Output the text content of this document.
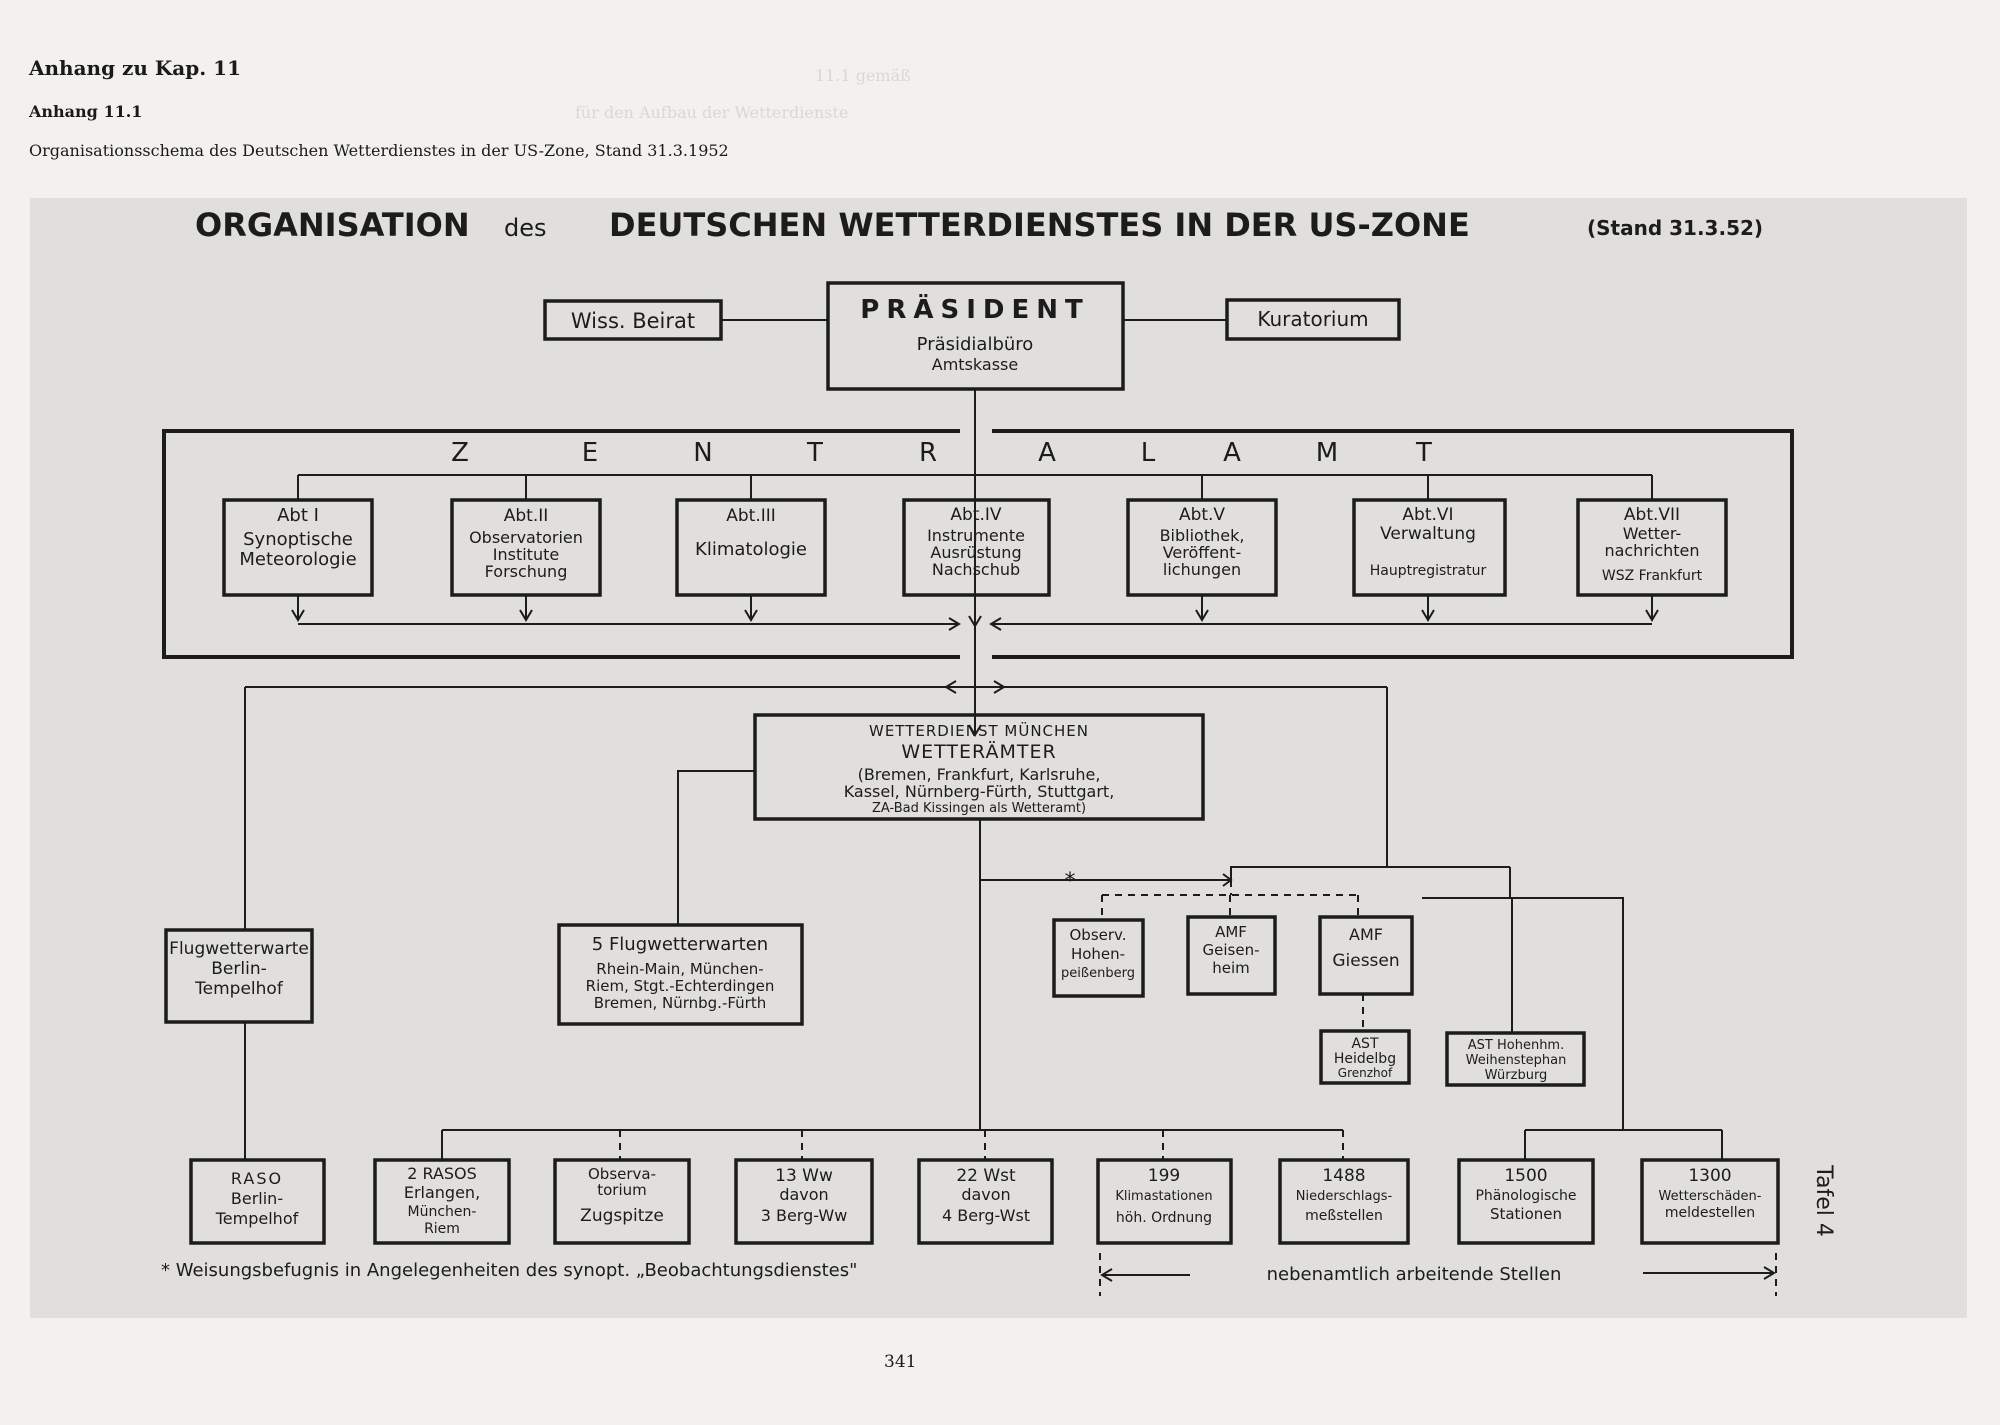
Anhang zu Kap. 11
Anhang 11.1
Organisationsschema des Deutschen Wetterdienstes in der US-Zone, Stand 31.3.1952
11.1 gemäß
für den Aufbau der Wetterdienste
ORGANISATION des DEUTSCHEN WETTERDIENSTES IN DER US-ZONE	(Stand 31.3.52)
Wiss. Beirat	PRÄSIDENT
Präsidialbüro
Amtskasse
Kuratorium
Z	E	N	T	R	A	L	A	M	T
Abt I
Synoptische
Meteorologie
Abt.II
Observatorien
Institute
Forschung
Abt.III
Klimatologie
Abt.IV
Instrumente
Ausrüstung
Nachschub
Abt.V
Bibliothek,
Veröffent-
lichungen
Abt.VI
Verwaltung
Hauptregistratur
Abt.VII
Wetter-
nachrichten
WSZ Frankfurt
WETTERDIENST MÜNCHEN
WETTERÄMTER
(Bremen, Frankfurt, Karlsruhe,
Kassel, Nürnberg-Fürth, Stuttgart,
ZA-Bad Kissingen als Wetteramt)
Flugwetterwarte
Berlin-
Tempelhof
5 Flugwetterwarten
Rhein-Main, München-
Riem, Stgt.-Echterdingen
Bremen, Nürnbg.-Fürth
*
Observ.
Hohen-
peißenberg
AMF
Geisen-
heim
AMF
Giessen
AST
Heidelbg
Grenzhof
AST Hohenhm.
Weihenstephan
Würzburg
RASO
Berlin-
Tempelhof
2 RASOS
Erlangen,
München-
Riem
Observa-
torium
Zugspitze
13 Ww
davon
3 Berg-Ww
22 Wst
davon
4 Berg-Wst
199
Klimastationen
höh. Ordnung
1488
Niederschlags-
meßstellen
1500
Phänologische
Stationen
1300
Wetterschäden-
meldestellen	Tafel 4
* Weisungsbefugnis in Angelegenheiten des synopt. „Beobachtungsdienstes"	nebenamtlich arbeitende Stellen
341
